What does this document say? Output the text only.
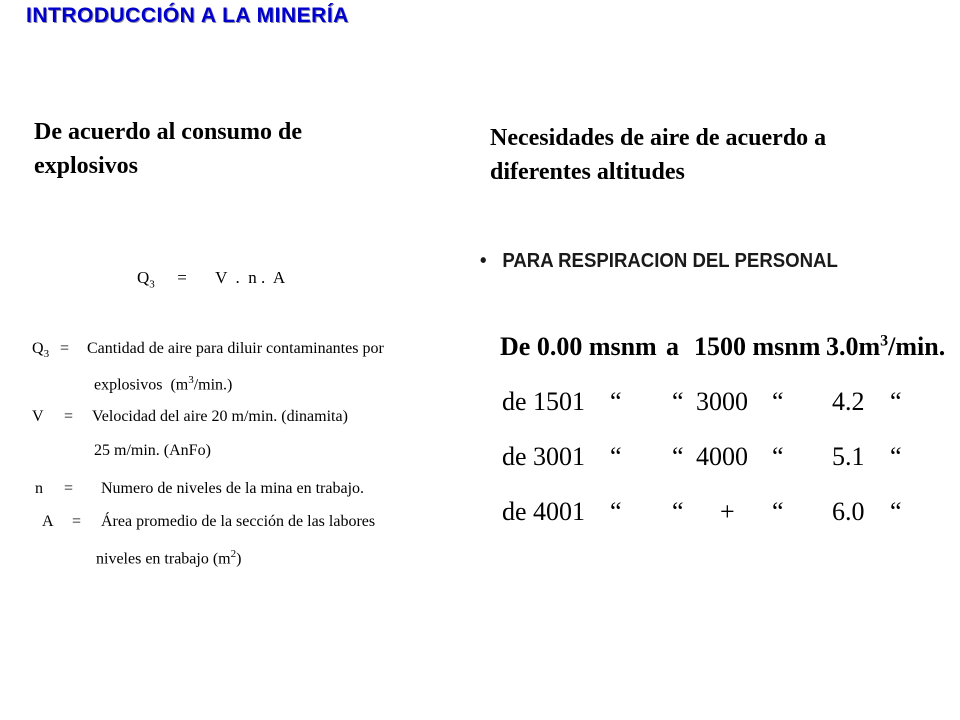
INTRODUCCIÓN A LA MINERÍA
De acuerdo al consumo de
explosivos
Necesidades de aire de acuerdo a
diferentes altitudes
$Q_3 = V$  .  n .  A
$Q_3$ = Cantidad de aire para diluir contaminantes por
explosivos  $(m^3/\min.)$
V = Velocidad del aire 20 m/min. (dinamita)
25 m/min. (AnFo)
n = Numero de niveles de la mina en trabajo.
A = Área promedio de la sección de las labores
niveles en trabajo $(m^2)$
• PARA RESPIRACION DEL PERSONAL
De 0.00 msnm a 1500 msnm $3.0m^3/\min$.
de 1501 “ “ 3000 “ 4.2 “
de 3001 “ “ 4000 “ 5.1 “
de 4001 “ “ + “ 6.0 “
